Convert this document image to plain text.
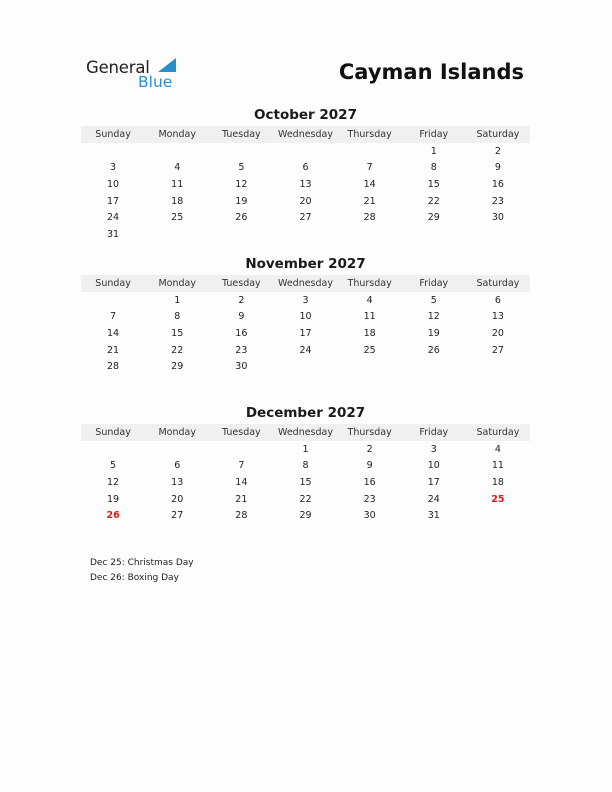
General
Blue	Cayman Islands
October 2027
Sunday	Monday	Tuesday	Wednesday	Thursday	Friday	Saturday
					1	2
3	4	5	6	7	8	9
10	11	12	13	14	15	16
17	18	19	20	21	22	23
24	25	26	27	28	29	30
31						
November 2027
Sunday	Monday	Tuesday	Wednesday	Thursday	Friday	Saturday
	1	2	3	4	5	6
7	8	9	10	11	12	13
14	15	16	17	18	19	20
21	22	23	24	25	26	27
28	29	30				
December 2027
Sunday	Monday	Tuesday	Wednesday	Thursday	Friday	Saturday
			1	2	3	4
5	6	7	8	9	10	11
12	13	14	15	16	17	18
19	20	21	22	23	24	25
26	27	28	29	30	31	
Dec 25: Christmas Day
Dec 26: Boxing Day
